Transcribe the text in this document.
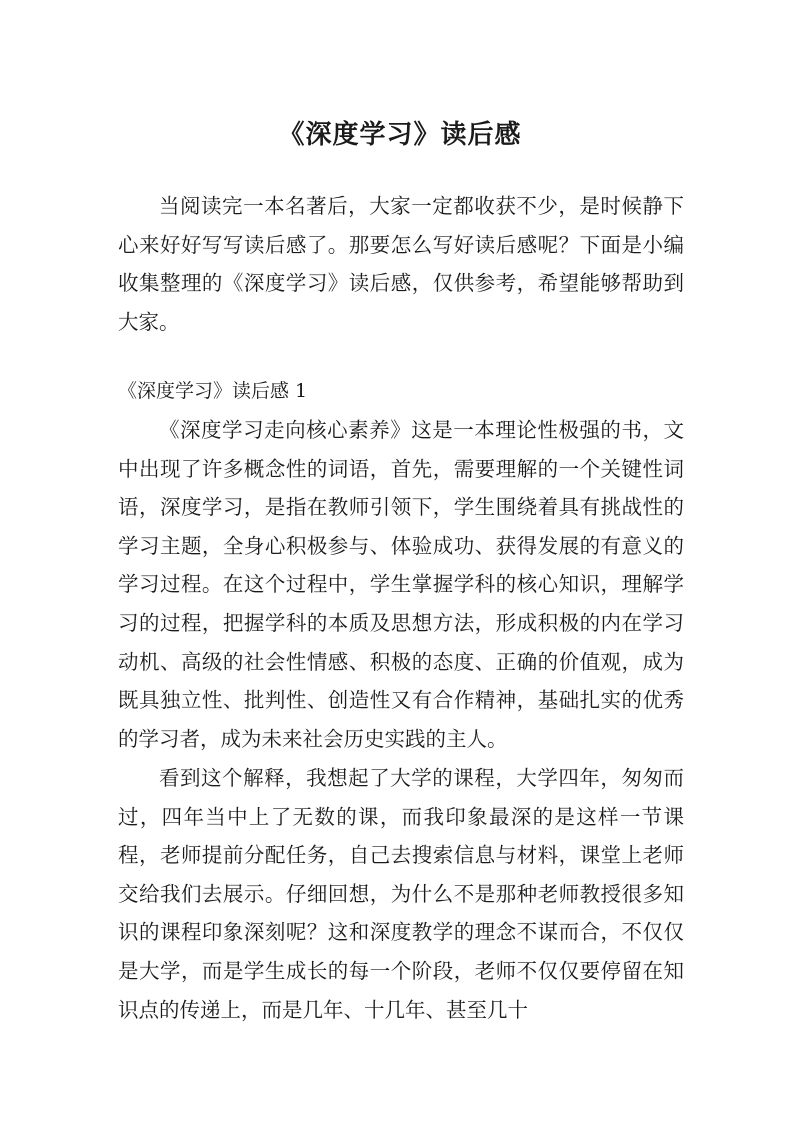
《深度学习》读后感

当阅读完一本名著后，大家一定都收获不少，是时候静下心来好好写写读后感了。那要怎么写好读后感呢？下面是小编收集整理的《深度学习》读后感，仅供参考，希望能够帮助到大家。

《深度学习》读后感 1

《深度学习走向核心素养》这是一本理论性极强的书，文中出现了许多概念性的词语，首先，需要理解的一个关键性词语，深度学习，是指在教师引领下，学生围绕着具有挑战性的学习主题，全身心积极参与、体验成功、获得发展的有意义的学习过程。在这个过程中，学生掌握学科的核心知识，理解学习的过程，把握学科的本质及思想方法，形成积极的内在学习动机、高级的社会性情感、积极的态度、正确的价值观，成为既具独立性、批判性、创造性又有合作精神，基础扎实的优秀的学习者，成为未来社会历史实践的主人。

看到这个解释，我想起了大学的课程，大学四年，匆匆而过，四年当中上了无数的课，而我印象最深的是这样一节课程，老师提前分配任务，自己去搜索信息与材料，课堂上老师交给我们去展示。仔细回想，为什么不是那种老师教授很多知识的课程印象深刻呢？这和深度教学的理念不谋而合，不仅仅是大学，而是学生成长的每一个阶段，老师不仅仅要停留在知识点的传递上，而是几年、十几年、甚至几十
